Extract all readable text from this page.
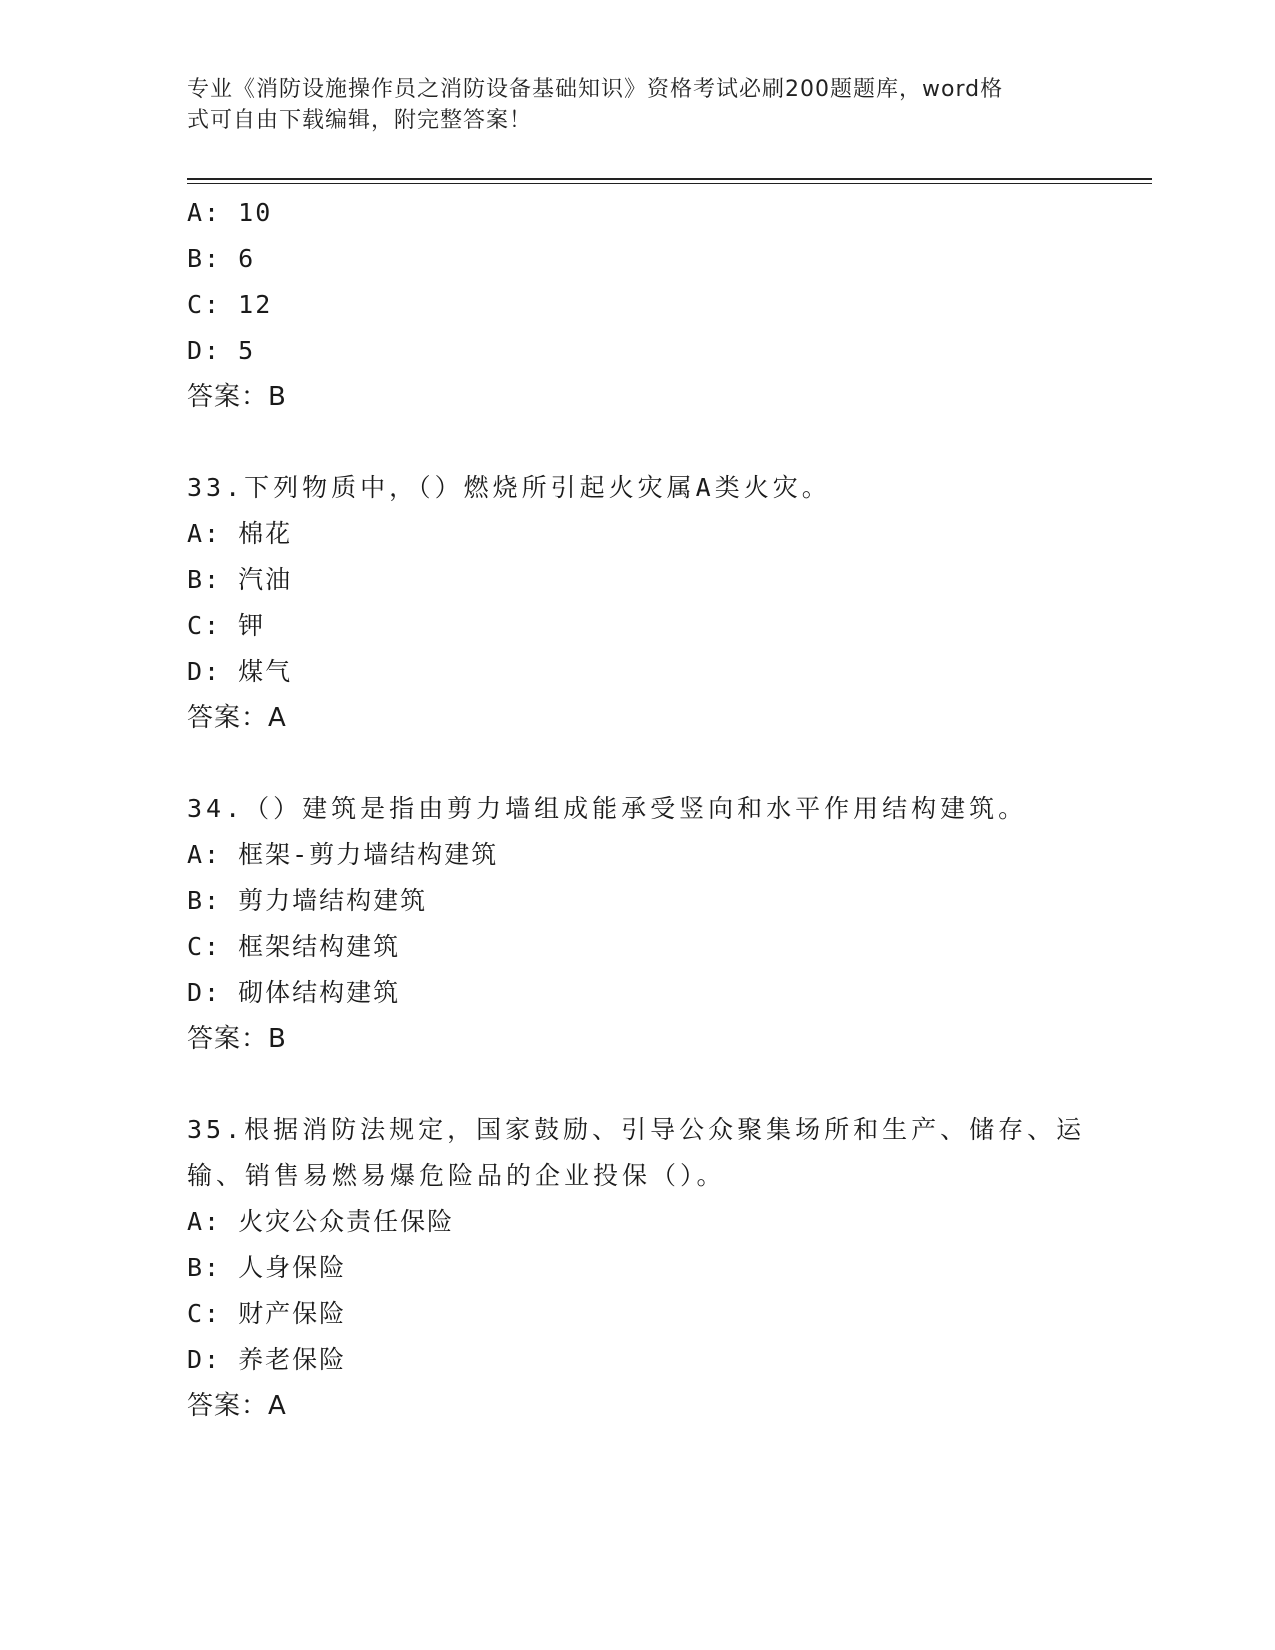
专业《消防设施操作员之消防设备基础知识》资格考试必刷200题题库，word格
式可自由下载编辑，附完整答案！
A: 10
B: 6
C: 12
D: 5
答案：B
33.下列物质中，（）燃烧所引起火灾属A类火灾。
A: 棉花
B: 汽油
C: 钾
D: 煤气
答案：A
34.（）建筑是指由剪力墙组成能承受竖向和水平作用结构建筑。
A: 框架-剪力墙结构建筑
B: 剪力墙结构建筑
C: 框架结构建筑
D: 砌体结构建筑
答案：B
35.根据消防法规定，国家鼓励、引导公众聚集场所和生产、储存、运
输、销售易燃易爆危险品的企业投保（）。
A: 火灾公众责任保险
B: 人身保险
C: 财产保险
D: 养老保险
答案：A
